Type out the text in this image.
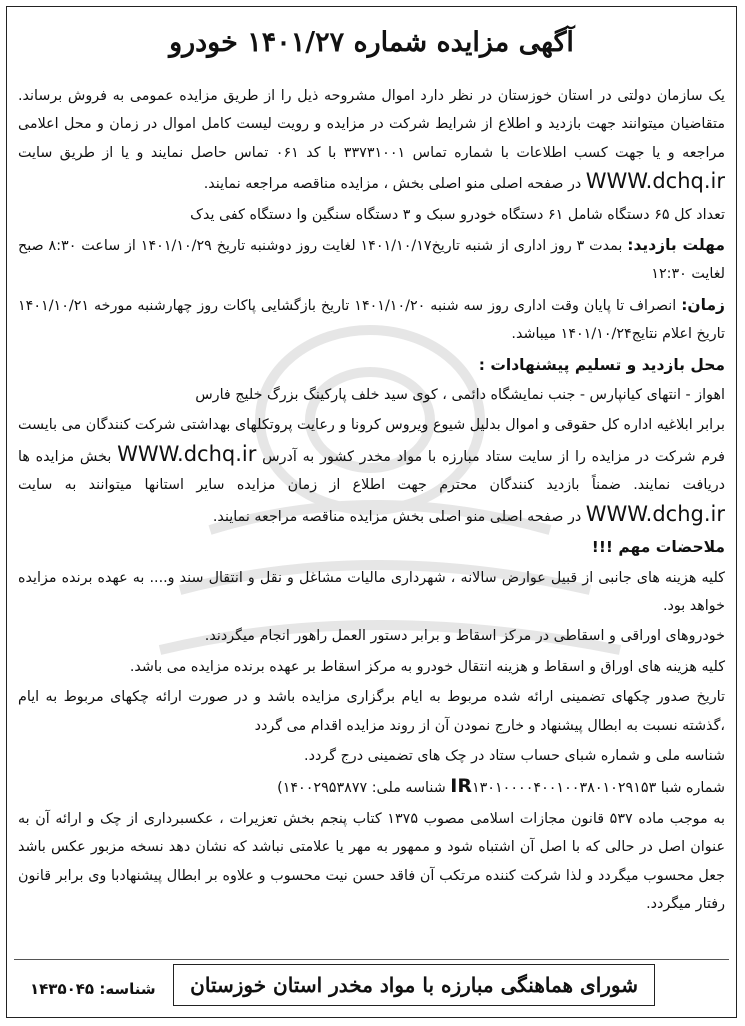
آگهی مزایده شماره ۱۴۰۱/۲۷ خودرو

یک سازمان دولتی در استان خوزستان در نظر دارد اموال مشروحه ذیل را از طریق مزایده عمومی به فروش برساند. متقاضیان میتوانند جهت بازدید و اطلاع از شرایط شرکت در مزایده و رویت لیست کامل اموال در زمان و محل اعلامی مراجعه و یا جهت کسب اطلاعات با شماره تماس ۳۳۷۳۱۰۰۱ با کد ۰۶۱ تماس حاصل نمایند و یا از طریق سایت WWW.dchq.ir در صفحه اصلی منو اصلی بخش ، مزایده مناقصه مراجعه نمایند.

تعداد کل ۶۵ دستگاه شامل ۶۱ دستگاه خودرو سبک و ۳ دستگاه سنگین وا دستگاه کفی یدک

مهلت بازدید: بمدت ۳ روز اداری از شنبه تاریخ۱۴۰۱/۱۰/۱۷ لغایت روز دوشنبه تاریخ ۱۴۰۱/۱۰/۲۹ از ساعت ۸:۳۰ صبح لغایت ۱۲:۳۰

زمان: انصراف تا پایان وقت اداری روز سه شنبه ۱۴۰۱/۱۰/۲۰ تاریخ بازگشایی پاکات روز چهارشنبه مورخه ۱۴۰۱/۱۰/۲۱ تاریخ اعلام نتایج۱۴۰۱/۱۰/۲۴ میباشد.

محل بازدید و تسلیم پیشنهادات :

اهواز - انتهای کیانپارس - جنب نمایشگاه دائمی ، کوی سید خلف پارکینگ بزرگ خلیج فارس

برابر ابلاغیه اداره کل حقوقی و اموال بدلیل شیوع ویروس کرونا و رعایت پروتکلهای بهداشتی شرکت کنندگان می بایست فرم شرکت در مزایده را از سایت ستاد مبارزه با مواد مخدر کشور به آدرس WWW.dchq.ir بخش مزایده ها دریافت نمایند. ضمناً بازدید کنندگان محترم جهت اطلاع از زمان مزایده سایر استانها میتوانند به سایت WWW.dchg.ir در صفحه اصلی منو اصلی بخش مزایده مناقصه مراجعه نمایند.

ملاحضات مهم !!!

کلیه هزینه های جانبی از قبیل عوارض سالانه ، شهرداری مالیات مشاغل و نقل و انتقال سند و.... به عهده برنده مزایده خواهد بود.

خودروهای اوراقی و اسقاطی در مرکز اسقاط و برابر دستور العمل راهور انجام میگردند.

کلیه هزینه های اوراق و اسقاط و هزینه انتقال خودرو به مرکز اسقاط بر عهده برنده مزایده می باشد.

تاریخ صدور چکهای تضمینی ارائه شده مربوط به ایام برگزاری مزایده باشد و در صورت ارائه چکهای مربوط به ایام ،گذشته نسبت به ابطال پیشنهاد و خارج نمودن آن از روند مزایده اقدام می گردد

شناسه ملی و شماره شبای حساب ستاد در چک های تضمینی درج گردد.

شماره شبا IR۱۳۰۱۰۰۰۰۴۰۰۱۰۰۳۸۰۱۰۲۹۱۵۳ شناسه ملی: ۱۴۰۰۲۹۵۳۸۷۷)

به موجب ماده ۵۳۷ قانون مجازات اسلامی مصوب ۱۳۷۵ کتاب پنجم بخش تعزیرات ، عکسبرداری از چک و ارائه آن به عنوان اصل در حالی که با اصل آن اشتباه شود و ممهور به مهر یا علامتی نباشد که نشان دهد نسخه مزبور عکس باشد جعل محسوب میگردد و لذا شرکت کننده مرتکب آن فاقد حسن نیت محسوب و علاوه بر ابطال پیشنهادبا وی برابر قانون رفتار میگردد.

شورای هماهنگی مبارزه با مواد مخدر استان خوزستان
شناسه: ۱۴۳۵۰۴۵
